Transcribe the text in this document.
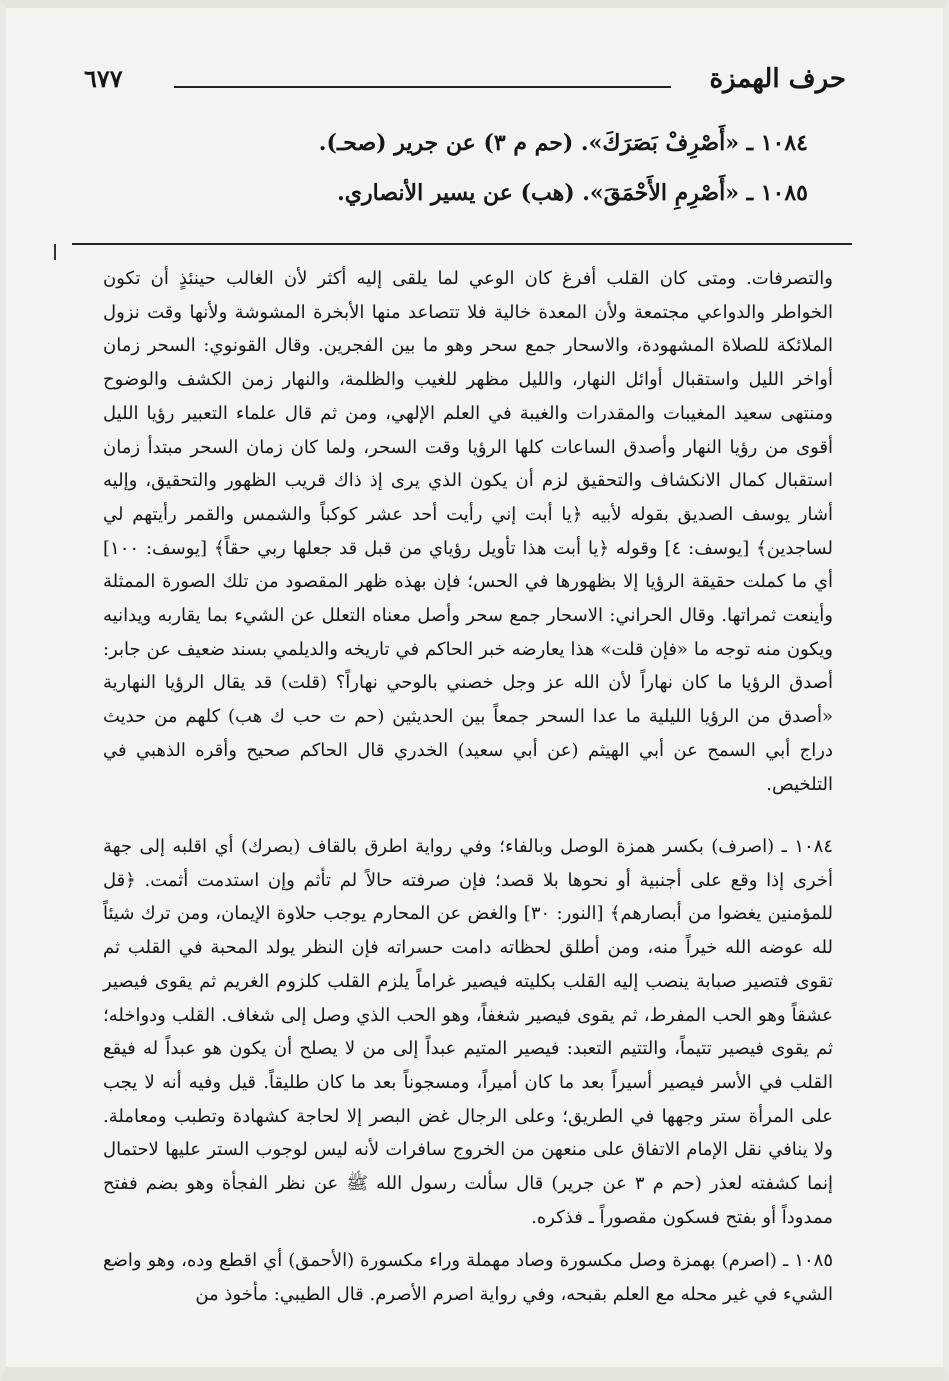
حرف الهمزة
٦٧٧
١٠٨٤ ـ «أَصْرِفْ بَصَرَكَ». (حم م ٣) عن جرير (صحـ).
١٠٨٥ ـ «أَصْرِمِ الأَحْمَقَ». (هب) عن يسير الأنصاري.

والتصرفات. ومتى كان القلب أفرغ كان الوعي لما يلقى إليه أكثر لأن الغالب حينئذٍ أن تكون الخواطر والدواعي مجتمعة ولأن المعدة خالية فلا تتصاعد منها الأبخرة المشوشة ولأنها وقت نزول الملائكة للصلاة المشهودة، والاسحار جمع سحر وهو ما بين الفجرين. وقال القونوي: السحر زمان أواخر الليل واستقبال أوائل النهار، والليل مظهر للغيب والظلمة، والنهار زمن الكشف والوضوح ومنتهى سعيد المغيبات والمقدرات والغيبة في العلم الإلهي، ومن ثم قال علماء التعبير رؤيا الليل أقوى من رؤيا النهار وأصدق الساعات كلها الرؤيا وقت السحر، ولما كان زمان السحر مبتدأ زمان استقبال كمال الانكشاف والتحقيق لزم أن يكون الذي يرى إذ ذاك قريب الظهور والتحقيق، وإليه أشار يوسف الصديق بقوله لأبيه ﴿يا أبت إني رأيت أحد عشر كوكباً والشمس والقمر رأيتهم لي لساجدين﴾ [يوسف: ٤] وقوله ﴿يا أبت هذا تأويل رؤياي من قبل قد جعلها ربي حقاً﴾ [يوسف: ١٠٠] أي ما كملت حقيقة الرؤيا إلا بظهورها في الحس؛ فإن بهذه ظهر المقصود من تلك الصورة الممثلة وأينعت ثمراتها. وقال الحراني: الاسحار جمع سحر وأصل معناه التعلل عن الشيء بما يقاربه ويدانيه ويكون منه توجه ما «فإن قلت» هذا يعارضه خبر الحاكم في تاريخه والديلمي بسند ضعيف عن جابر: أصدق الرؤيا ما كان نهاراً لأن الله عز وجل خصني بالوحي نهاراً؟ (قلت) قد يقال الرؤيا النهارية «أصدق من الرؤيا الليلية ما عدا السحر جمعاً بين الحديثين (حم ت حب ك هب) كلهم من حديث دراج أبي السمح عن أبي الهيثم (عن أبي سعيد) الخدري قال الحاكم صحيح وأقره الذهبي في التلخيص.

١٠٨٤ ـ (اصرف) بكسر همزة الوصل وبالفاء؛ وفي رواية اطرق بالقاف (بصرك) أي اقلبه إلى جهة أخرى إذا وقع على أجنبية أو نحوها بلا قصد؛ فإن صرفته حالاً لم تأثم وإن استدمت أثمت. ﴿قل للمؤمنين يغضوا من أبصارهم﴾ [النور: ٣٠] والغض عن المحارم يوجب حلاوة الإيمان، ومن ترك شيئاً لله عوضه الله خيراً منه، ومن أطلق لحظاته دامت حسراته فإن النظر يولد المحبة في القلب ثم تقوى فتصير صبابة ينصب إليه القلب بكليته فيصير غراماً يلزم القلب كلزوم الغريم ثم يقوى فيصير عشقاً وهو الحب المفرط، ثم يقوى فيصير شغفاً، وهو الحب الذي وصل إلى شغاف. القلب ودواخله؛ ثم يقوى فيصير تتيماً، والتتيم التعبد: فيصير المتيم عبداً إلى من لا يصلح أن يكون هو عبداً له فيقع القلب في الأسر فيصير أسيراً بعد ما كان أميراً، ومسجوناً بعد ما كان طليقاً. قيل وفيه أنه لا يجب على المرأة ستر وجهها في الطريق؛ وعلى الرجال غض البصر إلا لحاجة كشهادة وتطبب ومعاملة. ولا ينافي نقل الإمام الاتفاق على منعهن من الخروج سافرات لأنه ليس لوجوب الستر عليها لاحتمال إنما كشفته لعذر (حم م ٣ عن جرير) قال سألت رسول الله ﷺ عن نظر الفجأة وهو بضم ففتح ممدوداً أو بفتح فسكون مقصوراً ـ فذكره.

١٠٨٥ ـ (اصرم) بهمزة وصل مكسورة وصاد مهملة وراء مكسورة (الأحمق) أي اقطع وده، وهو واضع الشيء في غير محله مع العلم بقبحه، وفي رواية اصرم الأصرم. قال الطيبي: مأخوذ من
